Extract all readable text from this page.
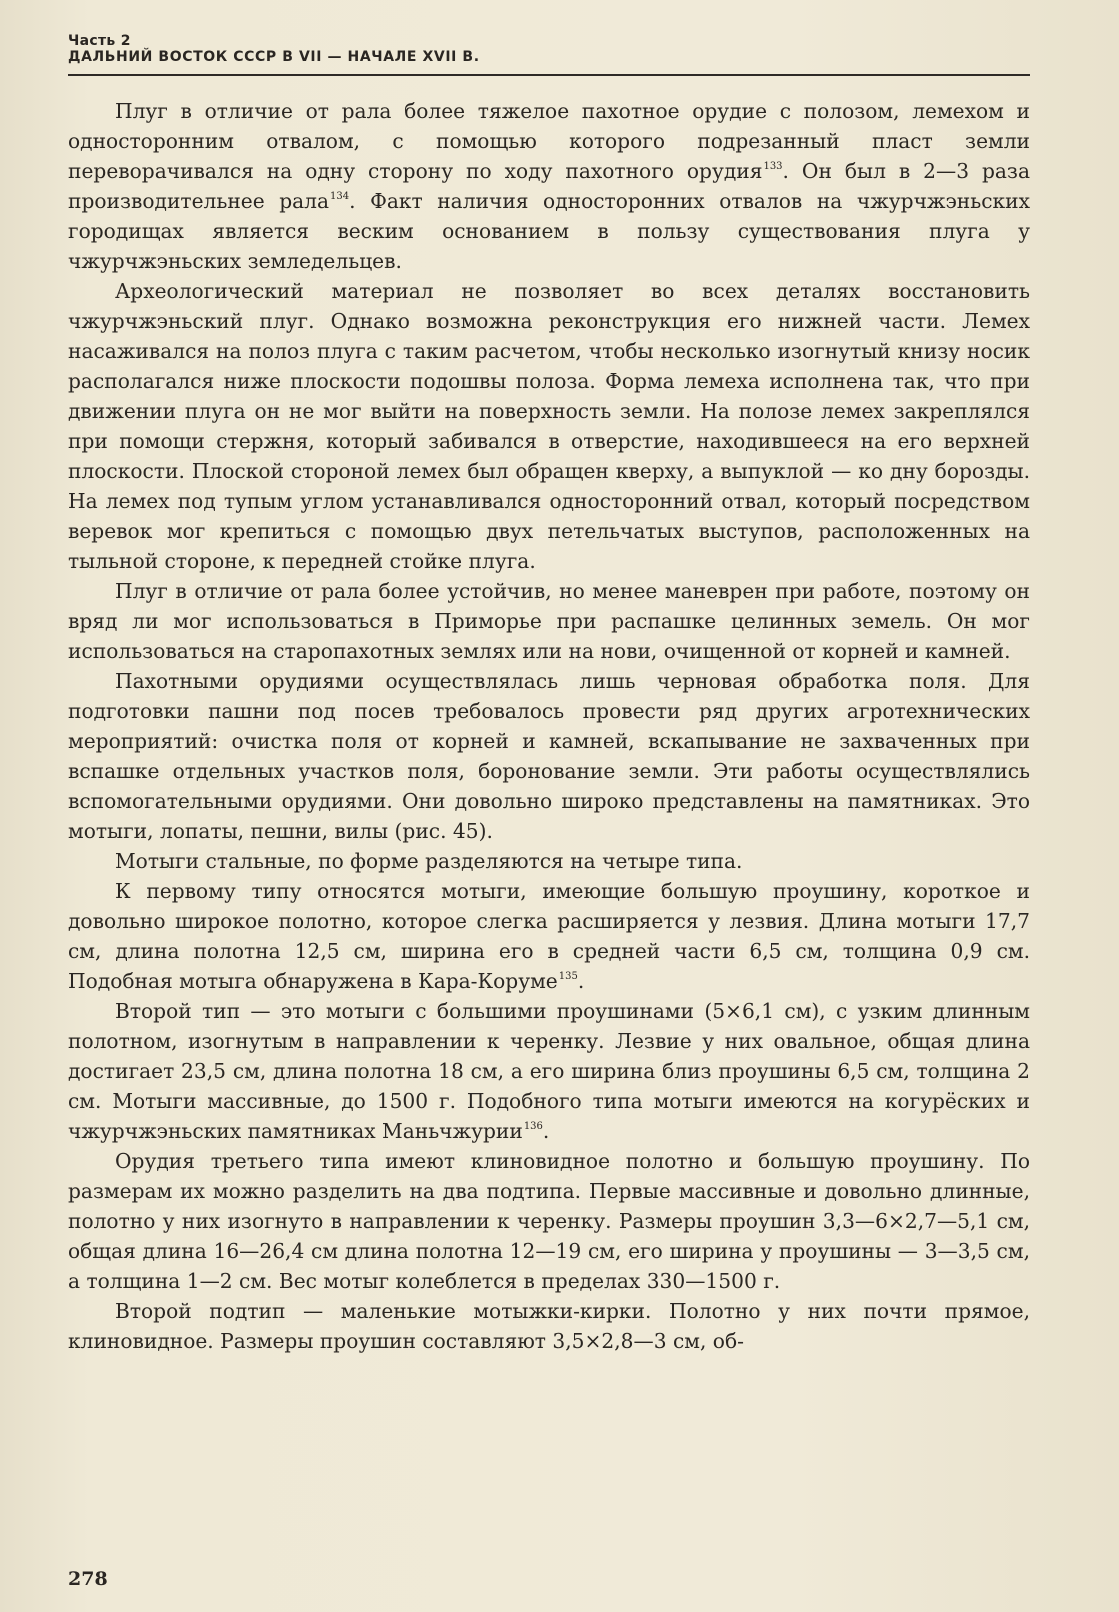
Часть 2
ДАЛЬНИЙ ВОСТОК СССР В VII — НАЧАЛЕ XVII В.

Плуг в отличие от рала более тяжелое пахотное орудие с полозом, лемехом и односторонним отвалом, с помощью которого подрезанный пласт земли переворачивался на одну сторону по ходу пахотного орудия$^{133}$. Он был в 2—3 раза производительнее рала$^{134}$. Факт наличия односторонних отвалов на чжурчжэньских городищах является веским основанием в пользу существования плуга у чжурчжэньских земледельцев.

Археологический материал не позволяет во всех деталях восстановить чжурчжэньский плуг. Однако возможна реконструкция его нижней части. Лемех насаживался на полоз плуга с таким расчетом, чтобы несколько изогнутый книзу носик располагался ниже плоскости подошвы полоза. Форма лемеха исполнена так, что при движении плуга он не мог выйти на поверхность земли. На полозе лемех закреплялся при помощи стержня, который забивался в отверстие, находившееся на его верхней плоскости. Плоской стороной лемех был обращен кверху, а выпуклой — ко дну борозды. На лемех под тупым углом устанавливался односторонний отвал, который посредством веревок мог крепиться с помощью двух петельчатых выступов, расположенных на тыльной стороне, к передней стойке плуга.

Плуг в отличие от рала более устойчив, но менее маневрен при работе, поэтому он вряд ли мог использоваться в Приморье при распашке целинных земель. Он мог использоваться на старопахотных землях или на нови, очищенной от корней и камней.

Пахотными орудиями осуществлялась лишь черновая обработка поля. Для подготовки пашни под посев требовалось провести ряд других агротехнических мероприятий: очистка поля от корней и камней, вскапывание не захваченных при вспашке отдельных участков поля, боронование земли. Эти работы осуществлялись вспомогательными орудиями. Они довольно широко представлены на памятниках. Это мотыги, лопаты, пешни, вилы (рис. 45).

Мотыги стальные, по форме разделяются на четыре типа.

К первому типу относятся мотыги, имеющие большую проушину, короткое и довольно широкое полотно, которое слегка расширяется у лезвия. Длина мотыги 17,7 см, длина полотна 12,5 см, ширина его в средней части 6,5 см, толщина 0,9 см. Подобная мотыга обнаружена в Кара-Коруме$^{135}$.

Второй тип — это мотыги с большими проушинами (5×6,1 см), с узким длинным полотном, изогнутым в направлении к черенку. Лезвие у них овальное, общая длина достигает 23,5 см, длина полотна 18 см, а его ширина близ проушины 6,5 см, толщина 2 см. Мотыги массивные, до 1500 г. Подобного типа мотыги имеются на когурёских и чжурчжэньских памятниках Маньчжурии$^{136}$.

Орудия третьего типа имеют клиновидное полотно и большую проушину. По размерам их можно разделить на два подтипа. Первые массивные и довольно длинные, полотно у них изогнуто в направлении к черенку. Размеры проушин 3,3—6×2,7—5,1 см, общая длина 16—26,4 см длина полотна 12—19 см, его ширина у проушины — 3—3,5 см, а толщина 1—2 см. Вес мотыг колеблется в пределах 330—1500 г.

Второй подтип — маленькие мотыжки-кирки. Полотно у них почти прямое, клиновидное. Размеры проушин составляют 3,5×2,8—3 см, об-

278
